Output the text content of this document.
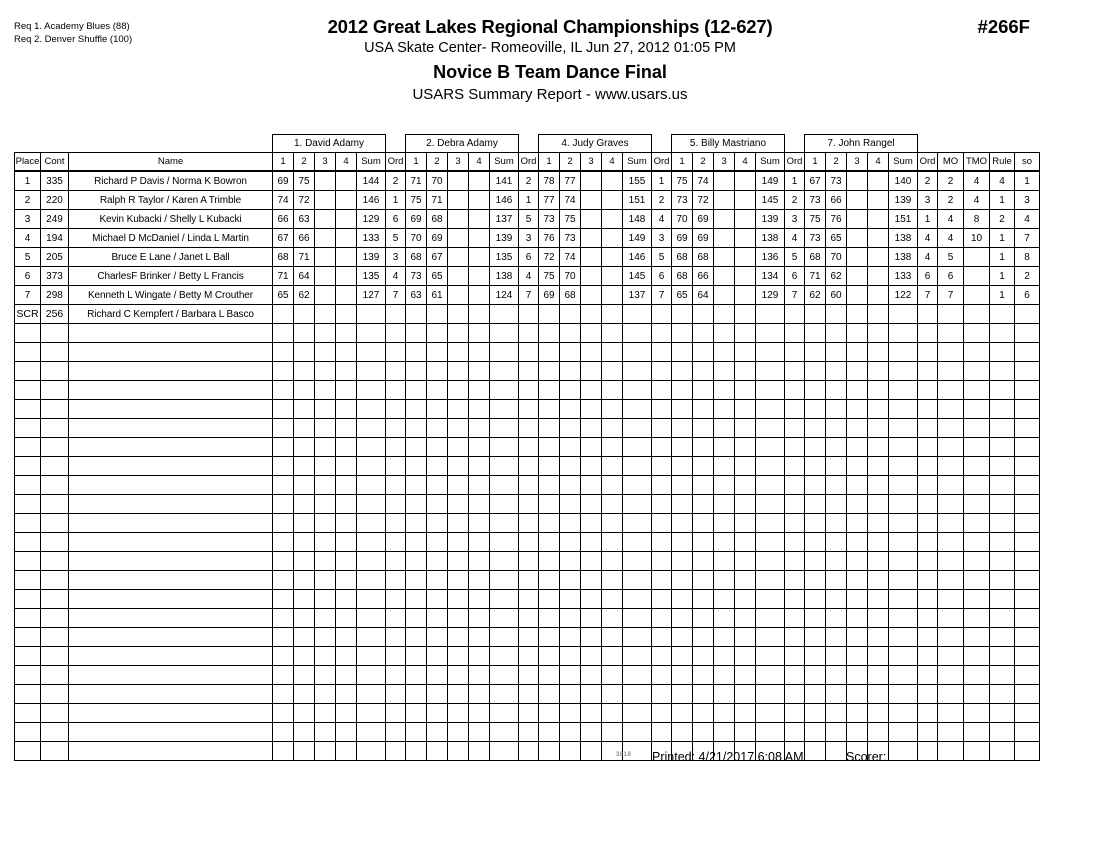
Req 1. Academy Blues (88)
Req 2. Denver Shuffle (100)
2012 Great Lakes Regional Championships (12-627)	#266F
USA Skate Center- Romeoville, IL Jun 27, 2012 01:05 PM
Novice B Team Dance Final
USARS Summary Report - www.usars.us
			1. David Adamy						2. Debra Adamy						4. Judy Graves						5. Billy Mastriano						7. John Rangel									
Place	Cont	Name	1	2	3	4	Sum	Ord	1	2	3	4	Sum	Ord	1	2	3	4	Sum	Ord	1	2	3	4	Sum	Ord	1	2	3	4	Sum	Ord	MO	TMO	Rule	so
1	335	Richard P Davis / Norma K Bowron	69	75			144	2	71	70			141	2	78	77			155	1	75	74			149	1	67	73			140	2	2	4	4	1
2	220	Ralph R Taylor / Karen A Trimble	74	72			146	1	75	71			146	1	77	74			151	2	73	72			145	2	73	66			139	3	2	4	1	3
3	249	Kevin Kubacki / Shelly L Kubacki	66	63			129	6	69	68			137	5	73	75			148	4	70	69			139	3	75	76			151	1	4	8	2	4
4	194	Michael D McDaniel / Linda L Martin	67	66			133	5	70	69			139	3	76	73			149	3	69	69			138	4	73	65			138	4	4	10	1	7
5	205	Bruce E Lane / Janet L Ball	68	71			139	3	68	67			135	6	72	74			146	5	68	68			136	5	68	70			138	4	5		1	8
6	373	CharlesF Brinker / Betty L Francis	71	64			135	4	73	65			138	4	75	70			145	6	68	66			134	6	71	62			133	6	6		1	2
7	298	Kenneth L Wingate / Betty M Crouther	65	62			127	7	63	61			124	7	69	68			137	7	65	64			129	7	62	60			122	7	7		1	6
SCR	256	Richard C Kempfert / Barbara L Basco																																		

3818 Printed: 4/21/2017 6:08 AM	Scorer:
